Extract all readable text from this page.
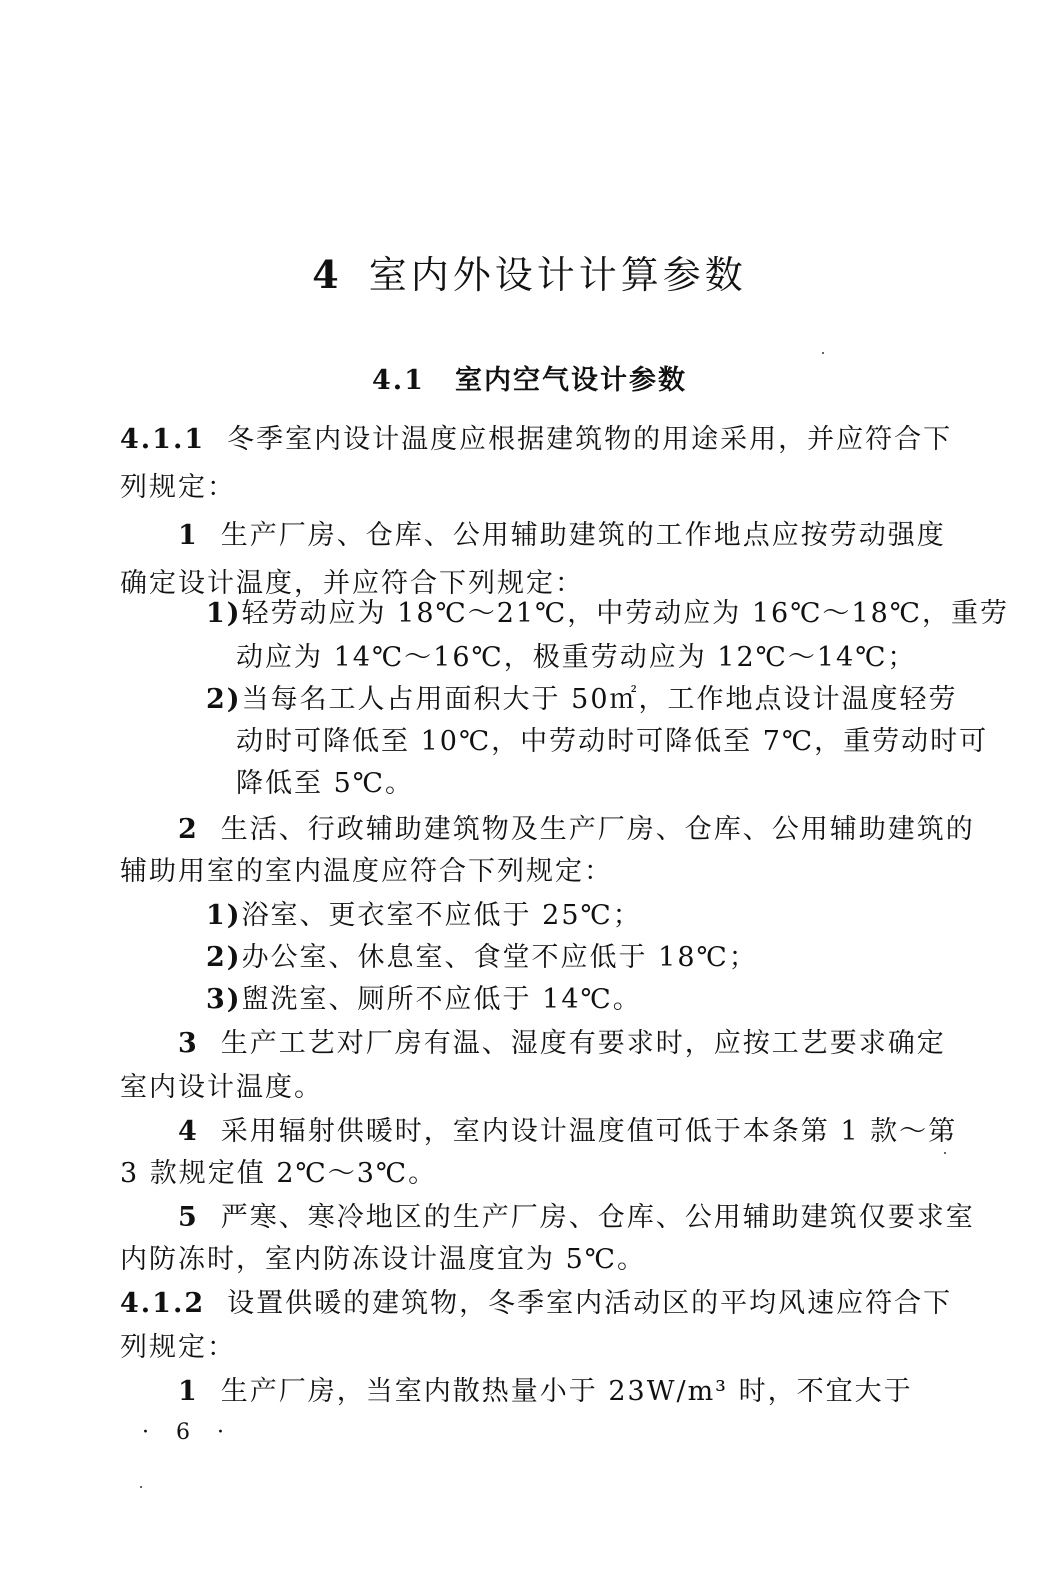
4 室内外设计计算参数
4.1 室内空气设计参数
4.1.1 冬季室内设计温度应根据建筑物的用途采用，并应符合下
列规定：
1 生产厂房、仓库、公用辅助建筑的工作地点应按劳动强度
确定设计温度，并应符合下列规定：
1)轻劳动应为 18℃～21℃，中劳动应为 16℃～18℃，重劳
动应为 14℃～16℃，极重劳动应为 12℃～14℃；
2)当每名工人占用面积大于 50㎡，工作地点设计温度轻劳
动时可降低至 10℃，中劳动时可降低至 7℃，重劳动时可
降低至 5℃。
2 生活、行政辅助建筑物及生产厂房、仓库、公用辅助建筑的
辅助用室的室内温度应符合下列规定：
1)浴室、更衣室不应低于 25℃；
2)办公室、休息室、食堂不应低于 18℃；
3)盥洗室、厕所不应低于 14℃。
3 生产工艺对厂房有温、湿度有要求时，应按工艺要求确定
室内设计温度。
4 采用辐射供暖时，室内设计温度值可低于本条第 1 款～第
3 款规定值 2℃～3℃。
5 严寒、寒冷地区的生产厂房、仓库、公用辅助建筑仅要求室
内防冻时，室内防冻设计温度宜为 5℃。
4.1.2 设置供暖的建筑物，冬季室内活动区的平均风速应符合下
列规定：
1 生产厂房，当室内散热量小于 23W/m³ 时，不宜大于
· 6 ·
